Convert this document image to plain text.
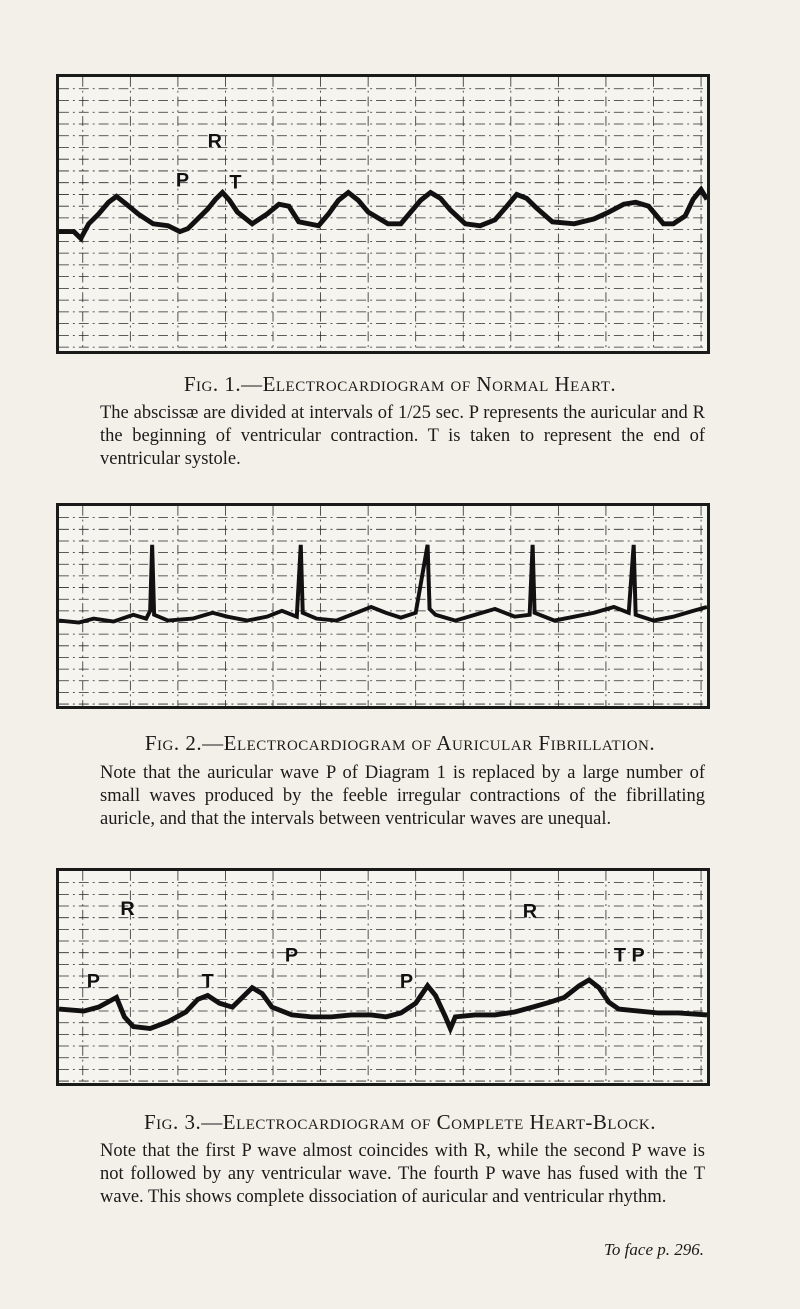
R
P T
Fig. 1.—Electrocardiogram of Normal Heart.
The abscissæ are divided at intervals of 1/25 sec. P represents the auricular and R the beginning of ventricular contraction. T is taken to represent the end of ventricular systole.
Fig. 2.—Electrocardiogram of Auricular Fibrillation.
Note that the auricular wave P of Diagram 1 is replaced by a large number of small waves produced by the feeble irregular contractions of the fibrillating auricle, and that the intervals between ventricular waves are unequal.
R
P	T
P
P
R
T P
Fig. 3.—Electrocardiogram of Complete Heart-Block.
Note that the first P wave almost coincides with R, while the second P wave is not followed by any ventricular wave. The fourth P wave has fused with the T wave. This shows complete dissociation of auricular and ventricular rhythm.
To face p. 296.
